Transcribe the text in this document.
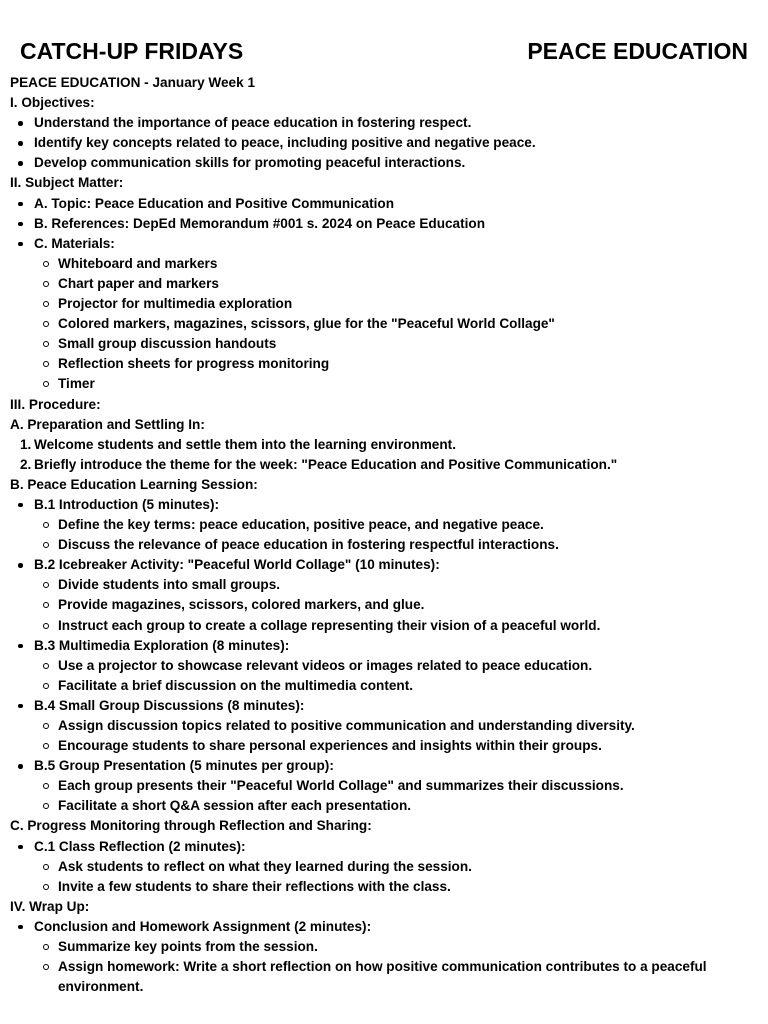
CATCH-UP FRIDAYS	PEACE EDUCATION
PEACE EDUCATION - January Week 1
I. Objectives:
Understand the importance of peace education in fostering respect.
Identify key concepts related to peace, including positive and negative peace.
Develop communication skills for promoting peaceful interactions.
II. Subject Matter:
A. Topic: Peace Education and Positive Communication
B. References: DepEd Memorandum #001 s. 2024 on Peace Education
C. Materials:
Whiteboard and markers
Chart paper and markers
Projector for multimedia exploration
Colored markers, magazines, scissors, glue for the "Peaceful World Collage"
Small group discussion handouts
Reflection sheets for progress monitoring
Timer
III. Procedure:
A. Preparation and Settling In:
1. Welcome students and settle them into the learning environment.
2. Briefly introduce the theme for the week: "Peace Education and Positive Communication."
B. Peace Education Learning Session:
B.1 Introduction (5 minutes):
Define the key terms: peace education, positive peace, and negative peace.
Discuss the relevance of peace education in fostering respectful interactions.
B.2 Icebreaker Activity: "Peaceful World Collage" (10 minutes):
Divide students into small groups.
Provide magazines, scissors, colored markers, and glue.
Instruct each group to create a collage representing their vision of a peaceful world.
B.3 Multimedia Exploration (8 minutes):
Use a projector to showcase relevant videos or images related to peace education.
Facilitate a brief discussion on the multimedia content.
B.4 Small Group Discussions (8 minutes):
Assign discussion topics related to positive communication and understanding diversity.
Encourage students to share personal experiences and insights within their groups.
B.5 Group Presentation (5 minutes per group):
Each group presents their "Peaceful World Collage" and summarizes their discussions.
Facilitate a short Q&A session after each presentation.
C. Progress Monitoring through Reflection and Sharing:
C.1 Class Reflection (2 minutes):
Ask students to reflect on what they learned during the session.
Invite a few students to share their reflections with the class.
IV. Wrap Up:
Conclusion and Homework Assignment (2 minutes):
Summarize key points from the session.
Assign homework: Write a short reflection on how positive communication contributes to a peaceful environment.
